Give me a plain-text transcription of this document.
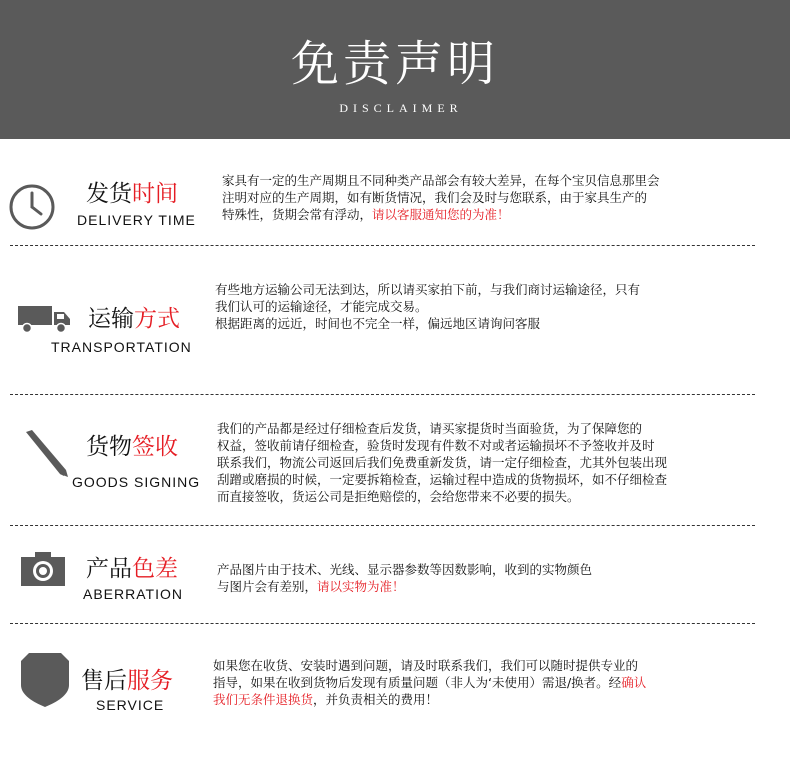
免责声明
DISCLAIMER
发货时间
DELIVERY TIME
家具有一定的生产周期且不同种类产品部会有较大差异，在每个宝贝信息那里会
注明对应的生产周期，如有断货情况，我们会及时与您联系，由于家具生产的
特殊性，货期会常有浮动，请以客服通知您的为准！
运输方式
TRANSPORTATION
有些地方运输公司无法到达，所以请买家拍下前，与我们商讨运输途径，只有
我们认可的运输途径，才能完成交易。
根据距离的远近，时间也不完全一样，偏远地区请询问客服
货物签收
GOODS SIGNING
我们的产品都是经过仔细检查后发货，请买家提货时当面验货，为了保障您的
权益，签收前请仔细检查，验货时发现有件数不对或者运输损坏不予签收并及时
联系我们，物流公司返回后我们免费重新发货，请一定仔细检查，尤其外包装出现
刮蹭或磨损的时候，一定要拆箱检查，运输过程中造成的货物损坏，如不仔细检查
而直接签收，货运公司是拒绝赔偿的，会给您带来不必要的损失。
产品色差
ABERRATION
产品图片由于技术、光线、显示器参数等因数影响，收到的实物颜色
与图片会有差别，请以实物为准！
售后服务
SERVICE
如果您在收货、安装时遇到问题，请及时联系我们，我们可以随时提供专业的
指导，如果在收到货物后发现有质量问题（非人为‘未使用）需退/换者。经确认
我们无条件退换货，并负责相关的费用！
